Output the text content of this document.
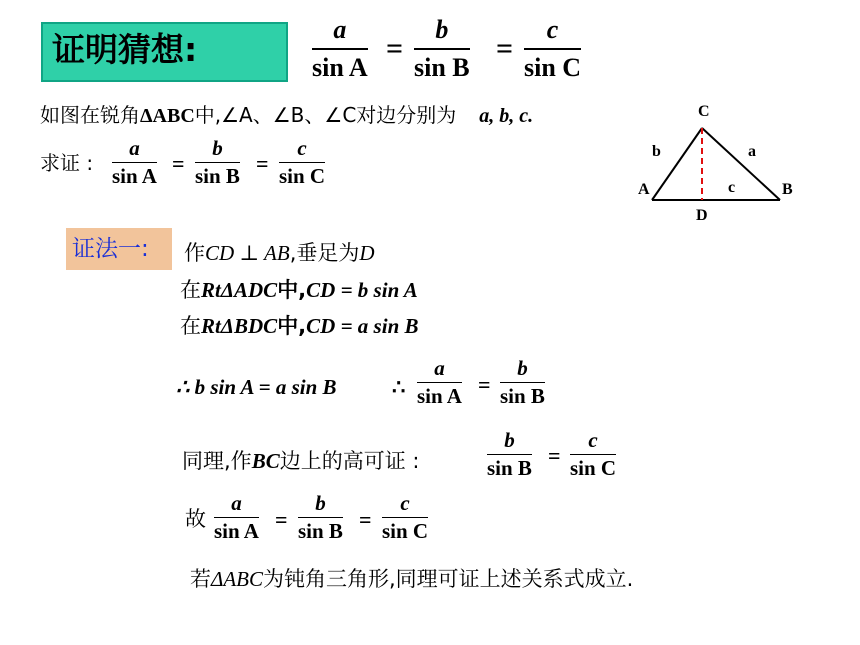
证明猜想:
a
sin A
=
b
sin B
=
c
sin C
如图在锐角ΔABC中,∠A、∠B、∠C对边分别为 a, b, c.
求证 :
a
sin A =
b
sin B =
c
sin C
C
A	B
D
b	a
c
证法一: 作CD ⊥ AB,垂足为D
在RtΔADC中,CD = b sin A
在RtΔBDC中,CD = a sin B
∴ b sin A = a sin B	∴
a
sin A =
b
sin B
同理,作BC边上的高可证 :
b
sin B =
c
sin C
故
a
sin A =
b
sin B =
c
sin C
若ΔABC为钝角三角形,同理可证上述关系式成立.
